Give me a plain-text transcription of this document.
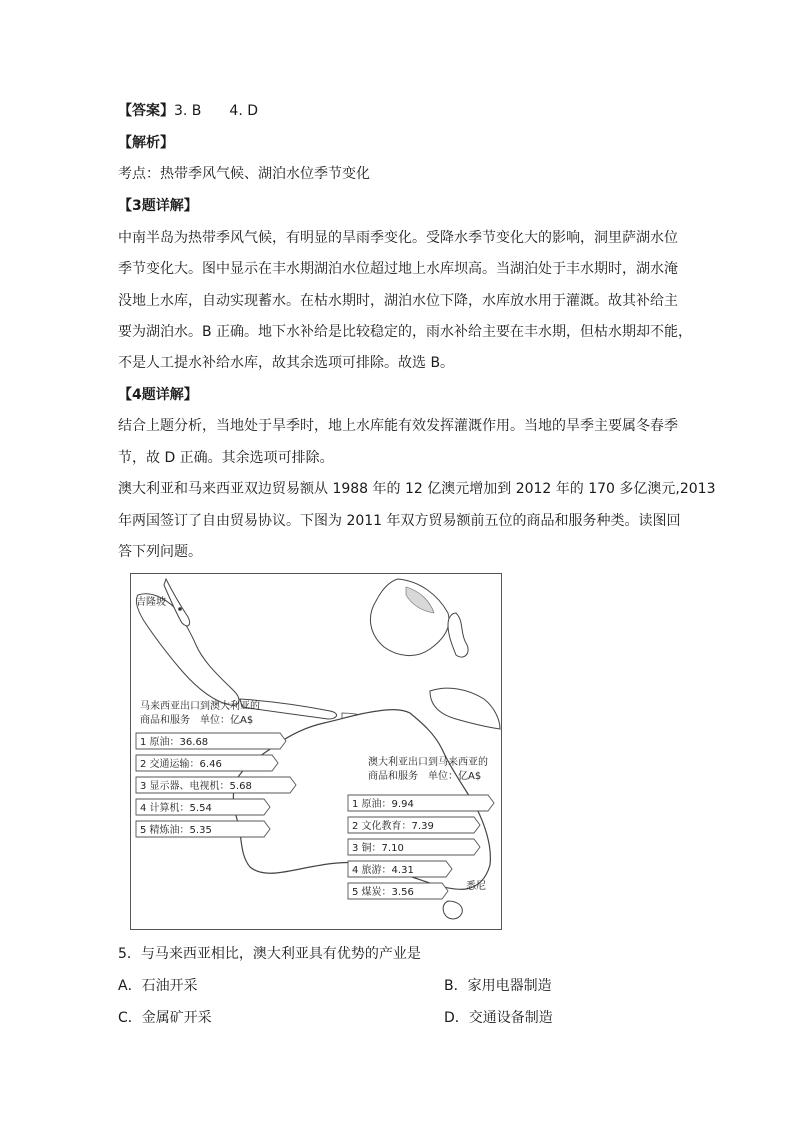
【答案】3. B　　4. D
【解析】
考点：热带季风气候、湖泊水位季节变化
【3题详解】
中南半岛为热带季风气候，有明显的旱雨季变化。受降水季节变化大的影响，洞里萨湖水位
季节变化大。图中显示在丰水期湖泊水位超过地上水库坝高。当湖泊处于丰水期时，湖水淹
没地上水库，自动实现蓄水。在枯水期时，湖泊水位下降，水库放水用于灌溉。故其补给主
要为湖泊水。B 正确。地下水补给是比较稳定的，雨水补给主要在丰水期，但枯水期却不能，
不是人工提水补给水库，故其余选项可排除。故选 B。
【4题详解】
结合上题分析，当地处于旱季时，地上水库能有效发挥灌溉作用。当地的旱季主要属冬春季
节，故 D 正确。其余选项可排除。
澳大利亚和马来西亚双边贸易额从 1988 年的 12 亿澳元增加到 2012 年的 170 多亿澳元,2013
年两国签订了自由贸易协议。下图为 2011 年双方贸易额前五位的商品和服务种类。读图回
答下列问题。
吉隆坡
悉尼
马来西亚出口到澳大利亚的
商品和服务　单位：亿A$
1 原油：36.68
2 交通运输：6.46
3 显示器、电视机：5.68
4 计算机：5.54
5 精炼油：5.35
澳大利亚出口到马来西亚的
商品和服务　单位：亿A$
1 原油：9.94
2 文化教育：7.39
3 铜：7.10
4 旅游：4.31
5 煤炭：3.56
5．与马来西亚相比，澳大利亚具有优势的产业是
A．石油开采	B．家用电器制造
C．金属矿开采	D．交通设备制造
